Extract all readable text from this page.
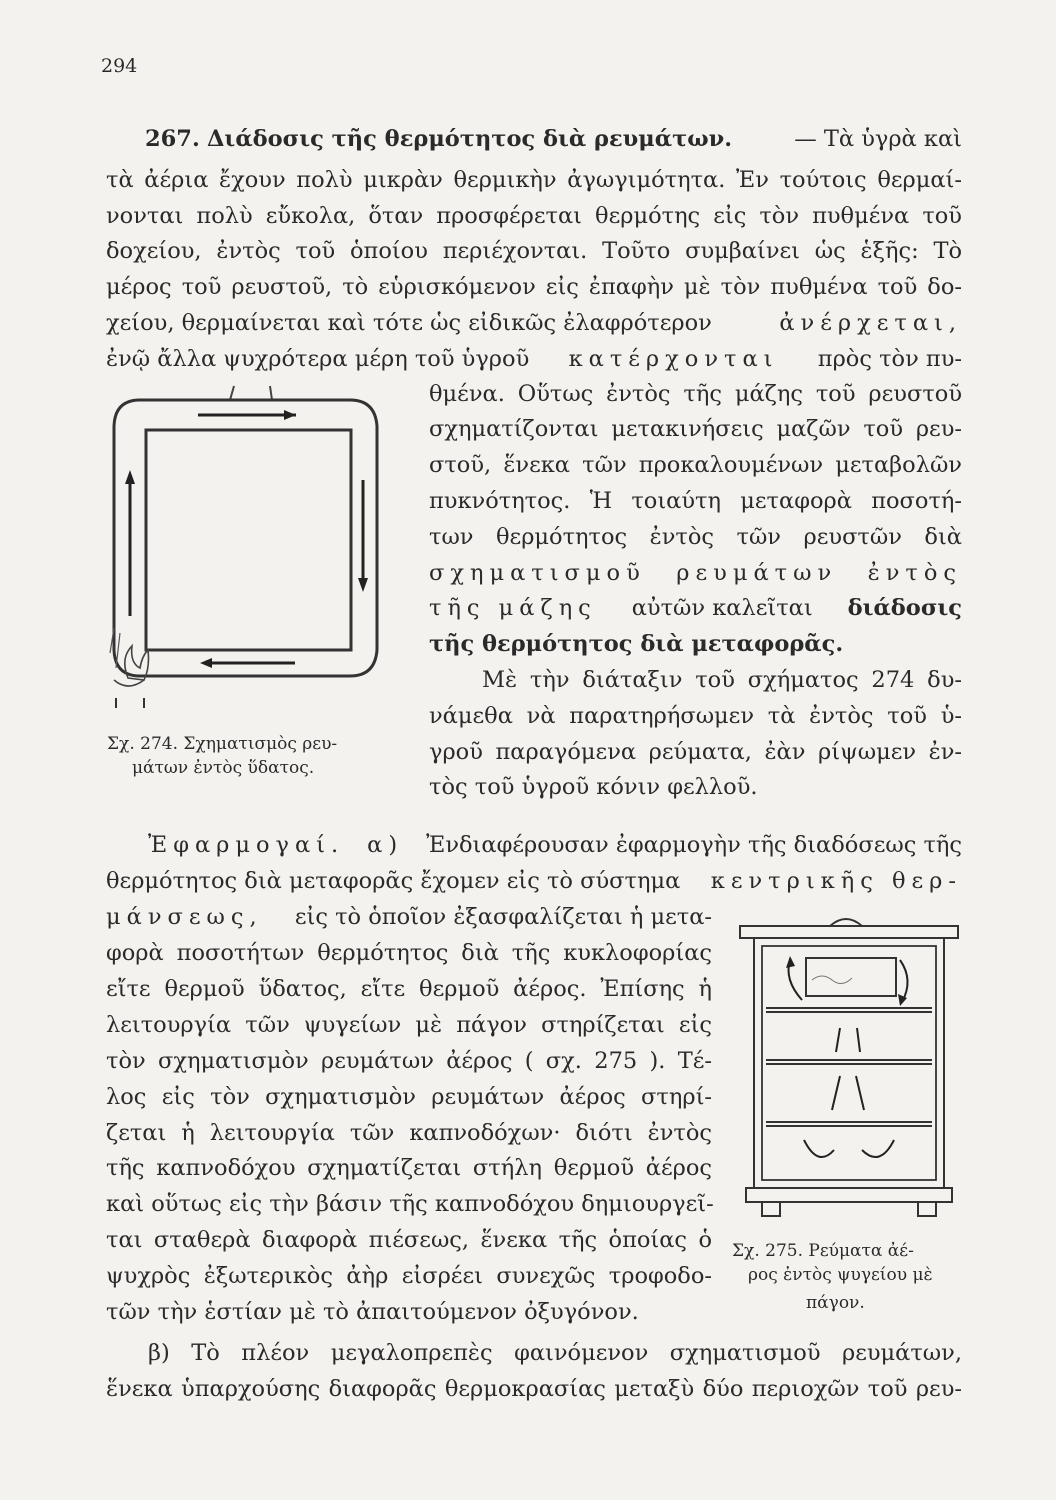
294
267. Διάδοσις τῆς θερμότητος διὰ ρευμάτων.	— Τὰ ὑγρὰ καὶ
τὰ ἀέρια ἔχουν πολὺ μικρὰν θερμικὴν ἀγωγιμότητα. Ἐν τούτοις θερμαί-
νονται πολὺ εὔκολα, ὅταν προσφέρεται θερμότης εἰς τὸν πυθμένα τοῦ
δοχείου, ἐντὸς τοῦ ὁποίου περιέχονται. Τοῦτο συμβαίνει ὡς ἑξῆς: Τὸ
μέρος τοῦ ρευστοῦ, τὸ εὑρισκόμενον εἰς ἐπαφὴν μὲ τὸν πυθμένα τοῦ δο-
χείου, θερμαίνεται καὶ τότε ὡς εἰδικῶς ἐλαφρότερον	ἀνέρχεται,
ἐνῷ ἄλλα ψυχρότερα μέρη τοῦ ὑγροῦ κατέρχονται πρὸς τὸν πυ-
θμένα. Οὕτως ἐντὸς τῆς μάζης τοῦ ρευστοῦ
σχηματίζονται μετακινήσεις μαζῶν τοῦ ρευ-
στοῦ, ἕνεκα τῶν προκαλουμένων μεταβολῶν
πυκνότητος. Ἡ τοιαύτη μεταφορὰ ποσοτή-
των θερμότητος ἐντὸς τῶν ρευστῶν διὰ
σχηματισμοῦ ρευμάτων ἐντὸς
τῆς μάζης αὐτῶν καλεῖται διάδοσις
τῆς θερμότητος διὰ μεταφορᾶς.
Μὲ τὴν διάταξιν τοῦ σχήματος 274 δυ-
νάμεθα νὰ παρατηρήσωμεν τὰ ἐντὸς τοῦ ὑ-
γροῦ παραγόμενα ρεύματα, ἐὰν ρίψωμεν ἐν-
τὸς τοῦ ὑγροῦ κόνιν φελλοῦ.
Σχ. 274. Σχηματισμὸς ρευ-
μάτων ἐντὸς ὕδατος.
Ἐφαρμογαί. α) Ἐνδιαφέρουσαν ἐφαρμογὴν τῆς διαδόσεως τῆς
θερμότητος διὰ μεταφορᾶς ἔχομεν εἰς τὸ σύστημα κεντρικῆς θερ-
μάνσεως, εἰς τὸ ὁποῖον ἐξασφαλίζεται ἡ μετα-
φορὰ ποσοτήτων θερμότητος διὰ τῆς κυκλοφορίας
εἴτε θερμοῦ ὕδατος, εἴτε θερμοῦ ἀέρος. Ἐπίσης ἡ
λειτουργία τῶν ψυγείων μὲ πάγον στηρίζεται εἰς
τὸν σχηματισμὸν ρευμάτων ἀέρος ( σχ. 275 ). Τέ-
λος εἰς τὸν σχηματισμὸν ρευμάτων ἀέρος στηρί-
ζεται ἡ λειτουργία τῶν καπνοδόχων· διότι ἐντὸς
τῆς καπνοδόχου σχηματίζεται στήλη θερμοῦ ἀέρος
καὶ οὕτως εἰς τὴν βάσιν τῆς καπνοδόχου δημιουργεῖ-
ται σταθερὰ διαφορὰ πιέσεως, ἕνεκα τῆς ὁποίας ὁ
ψυχρὸς ἐξωτερικὸς ἀὴρ εἰσρέει συνεχῶς τροφοδο-
τῶν τὴν ἑστίαν μὲ τὸ ἀπαιτούμενον ὀξυγόνον.
Σχ. 275. Ρεύματα ἀέ-
ρος ἐντὸς ψυγείου μὲ
πάγον.
β) Τὸ πλέον μεγαλοπρεπὲς φαινόμενον σχηματισμοῦ ρευμάτων,
ἕνεκα ὑπαρχούσης διαφορᾶς θερμοκρασίας μεταξὺ δύο περιοχῶν τοῦ ρευ-
